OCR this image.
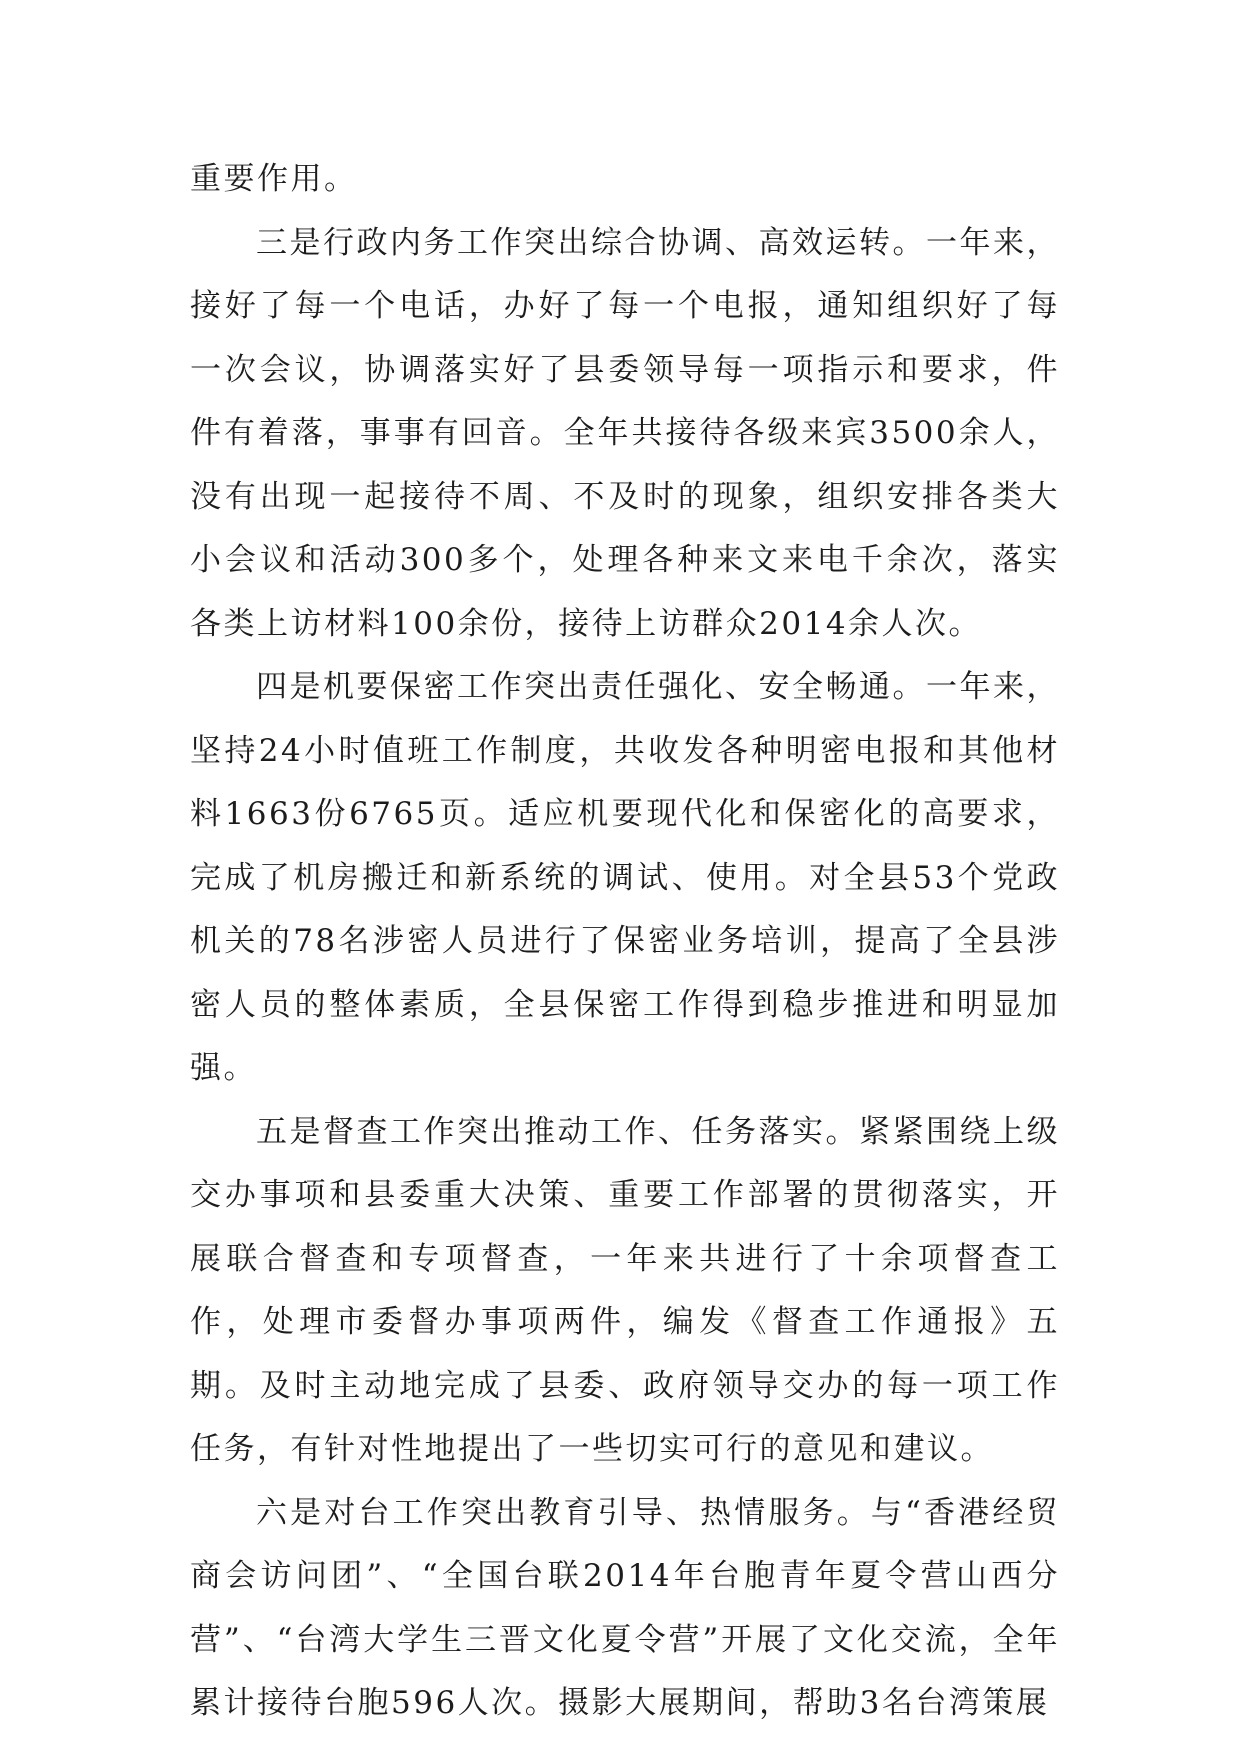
重要作用。

三是行政内务工作突出综合协调、高效运转。一年来，接好了每一个电话，办好了每一个电报，通知组织好了每一次会议，协调落实好了县委领导每一项指示和要求，件件有着落，事事有回音。全年共接待各级来宾3500余人，没有出现一起接待不周、不及时的现象，组织安排各类大小会议和活动300多个，处理各种来文来电千余次，落实各类上访材料100余份，接待上访群众2014余人次。

四是机要保密工作突出责任强化、安全畅通。一年来，坚持24小时值班工作制度，共收发各种明密电报和其他材料1663份6765页。适应机要现代化和保密化的高要求，完成了机房搬迁和新系统的调试、使用。对全县53个党政机关的78名涉密人员进行了保密业务培训，提高了全县涉密人员的整体素质，全县保密工作得到稳步推进和明显加强。

五是督查工作突出推动工作、任务落实。紧紧围绕上级交办事项和县委重大决策、重要工作部署的贯彻落实，开展联合督查和专项督查，一年来共进行了十余项督查工作，处理市委督办事项两件，编发《督查工作通报》五期。及时主动地完成了县委、政府领导交办的每一项工作任务，有针对性地提出了一些切实可行的意见和建议。

六是对台工作突出教育引导、热情服务。与“香港经贸商会访问团”、“全国台联2014年台胞青年夏令营山西分营”、“台湾大学生三晋文化夏令营”开展了文化交流，全年累计接待台胞596人次。摄影大展期间，帮助3名台湾策展
